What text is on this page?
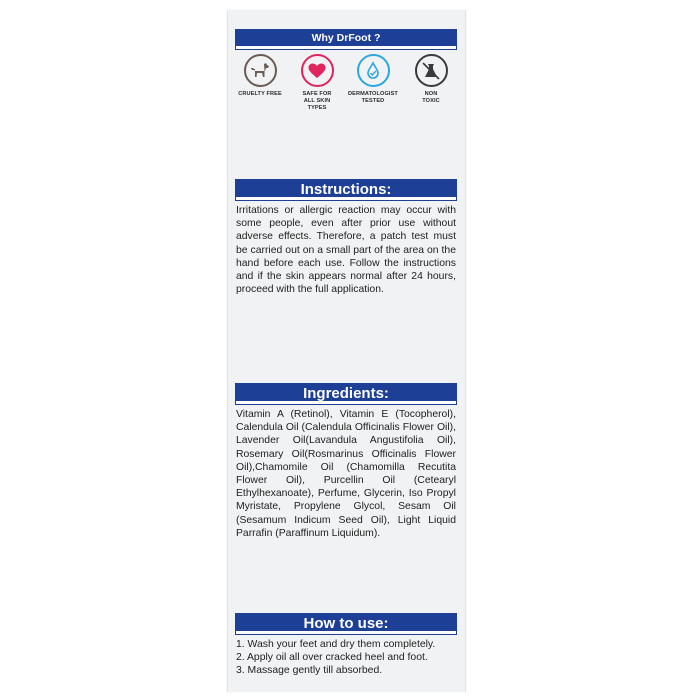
Why DrFoot ?
CRUELTY FREE	SAFE FOR ALL SKIN TYPES
DERMATOLOGIST TESTED
NON TOXIC
Instructions:
Irritations or allergic reaction may occur with some people, even after prior use without adverse effects. Therefore, a patch test must be carried out on a small part of the area on the hand before each use. Follow the instructions and if the skin appears normal after 24 hours, proceed with the full application.
Ingredients:
Vitamin A (Retinol), Vitamin E (Tocopherol), Calendula Oil (Calendula Officinalis Flower Oil), Lavender Oil(Lavandula Angustifolia Oil), Rosemary Oil(Rosmarinus Officinalis Flower Oil),Chamomile Oil (Chamomilla Recutita Flower Oil), Purcellin Oil (Cetearyl Ethylhexanoate), Perfume, Glycerin, Iso Propyl Myristate, Propylene Glycol, Sesam Oil (Sesamum Indicum Seed Oil), Light Liquid Parrafin (Paraffinum Liquidum).
How to use:
1. Wash your feet and dry them completely.
2. Apply oil all over cracked heel and foot.
3. Massage gently till absorbed.
